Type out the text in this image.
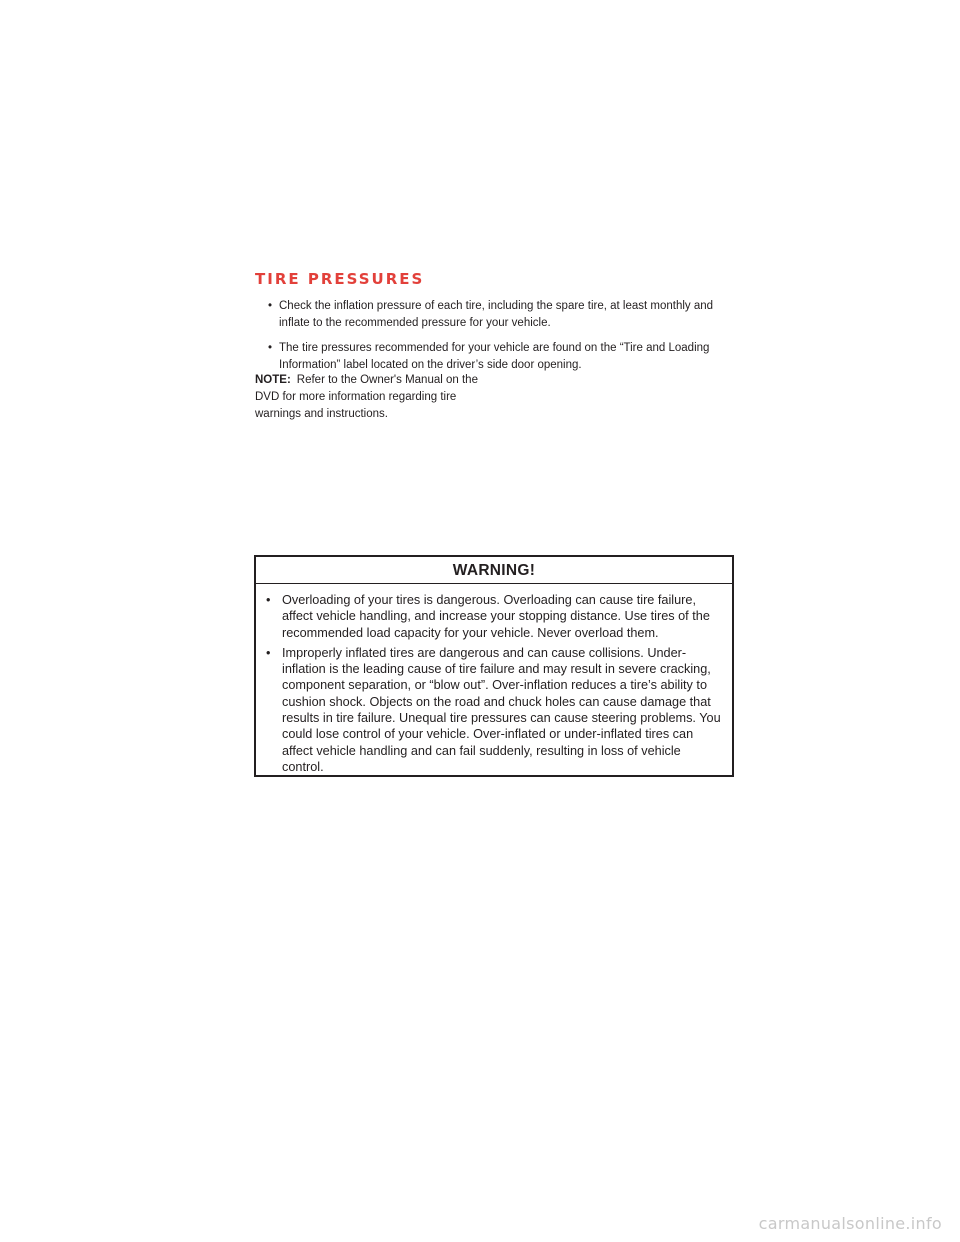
TIRE PRESSURES
• Check the inflation pressure of each tire, including the spare tire, at least monthly and inflate to the recommended pressure for your vehicle.
• The tire pressures recommended for your vehicle are found on the “Tire and Loading Information” label located on the driver’s side door opening.

NOTE: Refer to the Owner's Manual on the DVD for more information regarding tire warnings and instructions.

WARNING!
• Overloading of your tires is dangerous. Overloading can cause tire failure, affect vehicle handling, and increase your stopping distance. Use tires of the recommended load capacity for your vehicle. Never overload them.
• Improperly inflated tires are dangerous and can cause collisions. Under-inflation is the leading cause of tire failure and may result in severe cracking, component separation, or “blow out”. Over-inflation reduces a tire’s ability to cushion shock. Objects on the road and chuck holes can cause damage that results in tire failure. Unequal tire pressures can cause steering problems. You could lose control of your vehicle. Over-inflated or under-inflated tires can affect vehicle handling and can fail suddenly, resulting in loss of vehicle control.

carmanualsonline.info
